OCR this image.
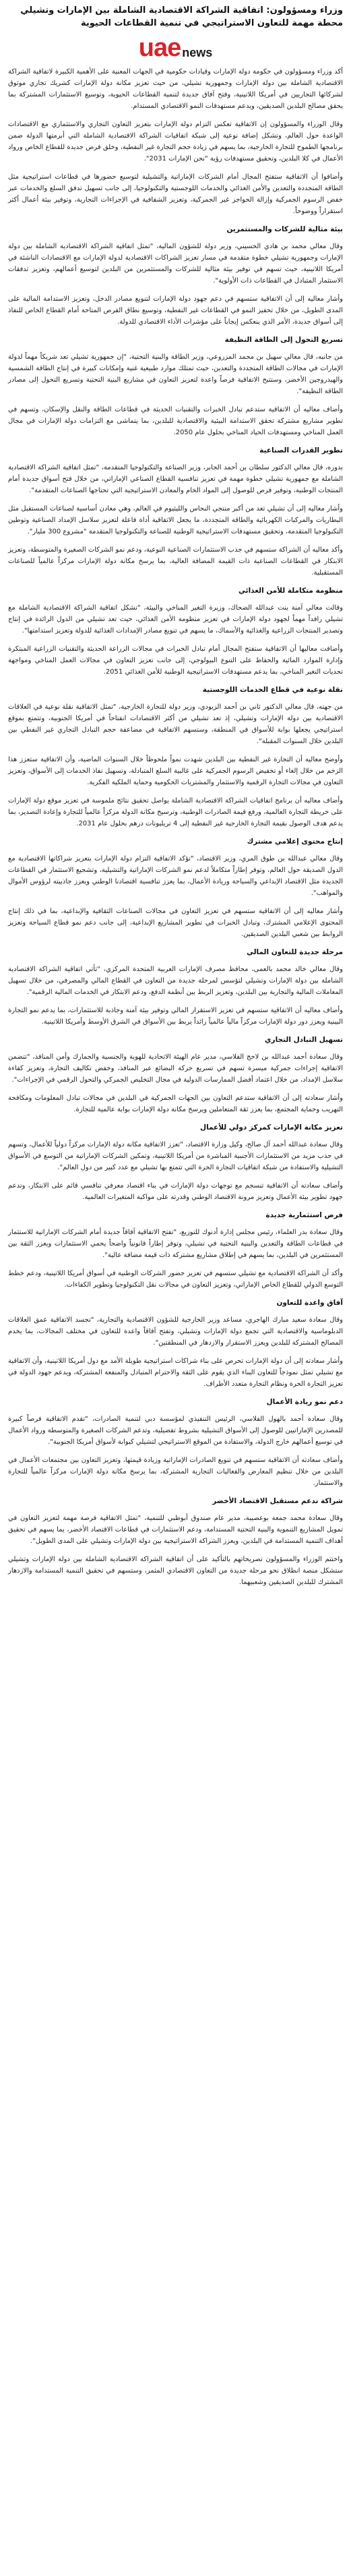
وزراء ومسؤولون: اتفاقية الشراكة الاقتصادية الشاملة بين الإمارات وتشيلي محطة مهمة للتعاون الاستراتيجي في تنمية القطاعات الحيوية
uae news

أكد وزراء ومسؤولون في حكومة دولة الإمارات وقيادات حكومية في الجهات المعنية على الأهمية الكبيرة لاتفاقية الشراكة الاقتصادية الشاملة بين دولة الإمارات وجمهورية تشيلي، من حيث تعزيز مكانة دولة الإمارات كشريك تجاري موثوق لشركائها التجاريين في أمريكا اللاتينية، وفتح آفاق جديدة لتنمية القطاعات الحيوية، وتوسيع الاستثمارات المشتركة بما يحقق مصالح البلدين الصديقين، ويدعم مستهدفات النمو الاقتصادي المستدام.

وقال الوزراء والمسؤولون إن الاتفاقية تعكس التزام دولة الإمارات بتعزيز التعاون التجاري والاستثماري مع الاقتصادات الواعدة حول العالم، وتشكل إضافة نوعية إلى شبكة اتفاقيات الشراكة الاقتصادية الشاملة التي أبرمتها الدولة ضمن برنامجها الطموح للتجارة الخارجية، بما يسهم في زيادة حجم التجارة غير النفطية، وخلق فرص جديدة للقطاع الخاص ورواد الأعمال في كلا البلدين، وتحقيق مستهدفات رؤية "نحن الإمارات 2031".

وأضافوا أن الاتفاقية ستفتح المجال أمام الشركات الإماراتية والتشيلية لتوسيع حضورها في قطاعات استراتيجية مثل الطاقة المتجددة والتعدين والأمن الغذائي والخدمات اللوجستية والتكنولوجيا، إلى جانب تسهيل تدفق السلع والخدمات عبر خفض الرسوم الجمركية وإزالة الحواجز غير الجمركية، وتعزيز الشفافية في الإجراءات التجارية، وتوفير بيئة أعمال أكثر استقراراً ووضوحاً.

بيئة مثالية للشركات والمستثمرين

وقال معالي محمد بن هادي الحسيني، وزير دولة للشؤون المالية، "تمثل اتفاقية الشراكة الاقتصادية الشاملة بين دولة الإمارات وجمهورية تشيلي خطوة متقدمة في مسار تعزيز الشراكات الاقتصادية لدولة الإمارات مع الاقتصادات الناشئة في أمريكا اللاتينية، حيث تسهم في توفير بيئة مثالية للشركات والمستثمرين من البلدين لتوسيع أعمالهم، وتعزيز تدفقات الاستثمار المتبادل في القطاعات ذات الأولوية".

وأشار معاليه إلى أن الاتفاقية ستسهم في دعم جهود دولة الإمارات لتنويع مصادر الدخل، وتعزيز الاستدامة المالية على المدى الطويل، من خلال تحفيز النمو في القطاعات غير النفطية، وتوسيع نطاق الفرص المتاحة أمام القطاع الخاص للنفاذ إلى أسواق جديدة، الأمر الذي ينعكس إيجاباً على مؤشرات الأداء الاقتصادي للدولة.

تسريع التحول إلى الطاقة النظيفة

من جانبه، قال معالي سهيل بن محمد المزروعي، وزير الطاقة والبنية التحتية، "إن جمهورية تشيلي تعد شريكاً مهماً لدولة الإمارات في مجالات الطاقة المتجددة والتعدين، حيث تمتلك موارد طبيعية غنية وإمكانات كبيرة في إنتاج الطاقة الشمسية والهيدروجين الأخضر، وستتيح الاتفاقية فرصاً واعدة لتعزيز التعاون في مشاريع البنية التحتية وتسريع التحول إلى مصادر الطاقة النظيفة".

وأضاف معاليه أن الاتفاقية ستدعم تبادل الخبرات والتقنيات الحديثة في قطاعات الطاقة والنقل والإسكان، وتسهم في تطوير مشاريع مشتركة تحقق الاستدامة البيئية والاقتصادية للبلدين، بما يتماشى مع التزامات دولة الإمارات في مجال العمل المناخي ومستهدفات الحياد المناخي بحلول عام 2050.

تطوير القدرات الصناعية

بدوره، قال معالي الدكتور سلطان بن أحمد الجابر، وزير الصناعة والتكنولوجيا المتقدمة، "تمثل اتفاقية الشراكة الاقتصادية الشاملة مع جمهورية تشيلي خطوة مهمة في تعزيز تنافسية القطاع الصناعي الإماراتي، من خلال فتح أسواق جديدة أمام المنتجات الوطنية، وتوفير فرص للوصول إلى المواد الخام والمعادن الاستراتيجية التي تحتاجها الصناعات المتقدمة".

وأشار معاليه إلى أن تشيلي تعد من أكبر منتجي النحاس والليثيوم في العالم، وهي معادن أساسية لصناعات المستقبل مثل البطاريات والمركبات الكهربائية والطاقة المتجددة، ما يجعل الاتفاقية أداة فاعلة لتعزيز سلاسل الإمداد الصناعية وتوطين التكنولوجيا المتقدمة، وتحقيق مستهدفات الاستراتيجية الوطنية للصناعة والتكنولوجيا المتقدمة "مشروع 300 مليار".

وأكد معاليه أن الشراكة ستسهم في جذب الاستثمارات الصناعية النوعية، ودعم نمو الشركات الصغيرة والمتوسطة، وتعزيز الابتكار في القطاعات الصناعية ذات القيمة المضافة العالية، بما يرسخ مكانة دولة الإمارات مركزاً عالمياً للصناعات المستقبلية.

منظومة متكاملة للأمن الغذائي

وقالت معالي آمنة بنت عبدالله الضحاك، وزيرة التغير المناخي والبيئة، "تشكل اتفاقية الشراكة الاقتصادية الشاملة مع تشيلي رافداً مهماً لجهود دولة الإمارات في تعزيز منظومة الأمن الغذائي، حيث تعد تشيلي من الدول الرائدة في إنتاج وتصدير المنتجات الزراعية والغذائية والأسماك، ما يسهم في تنويع مصادر الإمدادات الغذائية للدولة وتعزيز استدامتها".

وأضافت معاليها أن الاتفاقية ستفتح المجال أمام تبادل الخبرات في مجالات الزراعة الحديثة والتقنيات الزراعية المبتكرة وإدارة الموارد المائية والحفاظ على التنوع البيولوجي، إلى جانب تعزيز التعاون في مجالات العمل المناخي ومواجهة تحديات التغير المناخي، بما يدعم مستهدفات الاستراتيجية الوطنية للأمن الغذائي 2051.

نقلة نوعية في قطاع الخدمات اللوجستية

من جهته، قال معالي الدكتور ثاني بن أحمد الزيودي، وزير دولة للتجارة الخارجية، "تمثل الاتفاقية نقلة نوعية في العلاقات الاقتصادية بين دولة الإمارات وتشيلي، إذ تعد تشيلي من أكثر الاقتصادات انفتاحاً في أمريكا الجنوبية، وتتمتع بموقع استراتيجي يجعلها بوابة للأسواق في المنطقة، وستسهم الاتفاقية في مضاعفة حجم التبادل التجاري غير النفطي بين البلدين خلال السنوات المقبلة".

وأوضح معاليه أن التجارة غير النفطية بين البلدين شهدت نمواً ملحوظاً خلال السنوات الماضية، وأن الاتفاقية ستعزز هذا الزخم من خلال إلغاء أو تخفيض الرسوم الجمركية على غالبية السلع المتبادلة، وتسهيل نفاذ الخدمات إلى الأسواق، وتعزيز التعاون في مجالات التجارة الرقمية والاستثمار والمشتريات الحكومية وحماية الملكية الفكرية.

وأضاف معاليه أن برنامج اتفاقيات الشراكة الاقتصادية الشاملة يواصل تحقيق نتائج ملموسة في تعزيز موقع دولة الإمارات على خريطة التجارة العالمية، ورفع قيمة الصادرات الوطنية، وترسيخ مكانة الدولة مركزاً عالمياً للتجارة وإعادة التصدير، بما يدعم هدف الوصول بقيمة التجارة الخارجية غير النفطية إلى 4 تريليونات درهم بحلول عام 2031.

إنتاج محتوى إعلامي مشترك

وقال معالي عبدالله بن طوق المري، وزير الاقتصاد، "تؤكد الاتفاقية التزام دولة الإمارات بتعزيز شراكاتها الاقتصادية مع الدول الصديقة حول العالم، وتوفر إطاراً متكاملاً لدعم نمو الشركات الإماراتية والتشيلية، وتشجيع الاستثمار في القطاعات الجديدة مثل الاقتصاد الإبداعي والسياحة وريادة الأعمال، بما يعزز تنافسية اقتصادنا الوطني ويعزز جاذبيته لرؤوس الأموال والمواهب".

وأشار معاليه إلى أن الاتفاقية ستسهم في تعزيز التعاون في مجالات الصناعات الثقافية والإبداعية، بما في ذلك إنتاج المحتوى الإعلامي المشترك، وتبادل الخبرات في تطوير المشاريع الإبداعية، إلى جانب دعم نمو قطاع السياحة وتعزيز الروابط بين شعبي البلدين الصديقين.

مرحلة جديدة للتعاون المالي

وقال معالي خالد محمد بالعمى، محافظ مصرف الإمارات العربية المتحدة المركزي، "تأتي اتفاقية الشراكة الاقتصادية الشاملة بين دولة الإمارات وتشيلي لتؤسس لمرحلة جديدة من التعاون في القطاع المالي والمصرفي، من خلال تسهيل المعاملات المالية والتجارية بين البلدين، وتعزيز الربط بين أنظمة الدفع، ودعم الابتكار في الخدمات المالية الرقمية".

وأضاف معاليه أن الاتفاقية ستسهم في تعزيز الاستقرار المالي وتوفير بيئة آمنة وجاذبة للاستثمارات، بما يدعم نمو التجارة البينية ويعزز دور دولة الإمارات مركزاً مالياً عالمياً رائداً يربط بين الأسواق في الشرق الأوسط وأمريكا اللاتينية.

تسهيل التبادل التجاري

وقال سعادة أحمد عبدالله بن لاحج الفلاسي، مدير عام الهيئة الاتحادية للهوية والجنسية والجمارك وأمن المنافذ، "تتضمن الاتفاقية إجراءات جمركية ميسرة تسهم في تسريع حركة البضائع عبر المنافذ، وخفض تكاليف التجارة، وتعزيز كفاءة سلاسل الإمداد، من خلال اعتماد أفضل الممارسات الدولية في مجال التخليص الجمركي والتحول الرقمي في الإجراءات".

وأشار سعادته إلى أن الاتفاقية ستدعم التعاون بين الجهات الجمركية في البلدين في مجالات تبادل المعلومات ومكافحة التهريب وحماية المجتمع، بما يعزز ثقة المتعاملين ويرسخ مكانة دولة الإمارات بوابة عالمية للتجارة.

تعزيز مكانة الإمارات كمركز دولي للأعمال

وقال سعادة عبدالله أحمد آل صالح، وكيل وزارة الاقتصاد، "تعزز الاتفاقية مكانة دولة الإمارات مركزاً دولياً للأعمال، وتسهم في جذب مزيد من الاستثمارات الأجنبية المباشرة من أمريكا اللاتينية، وتمكين الشركات الإماراتية من التوسع في الأسواق التشيلية والاستفادة من شبكة اتفاقيات التجارة الحرة التي تتمتع بها تشيلي مع عدد كبير من دول العالم".

وأضاف سعادته أن الاتفاقية تنسجم مع توجهات دولة الإمارات في بناء اقتصاد معرفي تنافسي قائم على الابتكار، وتدعم جهود تطوير بيئة الأعمال وتعزيز مرونة الاقتصاد الوطني وقدرته على مواكبة المتغيرات العالمية.

فرص استثمارية جديدة

وقال سعادة بدر العلماء، رئيس مجلس إدارة أدنوك للتوزيع، "تفتح الاتفاقية آفاقاً جديدة أمام الشركات الإماراتية للاستثمار في قطاعات الطاقة والتعدين والبنية التحتية في تشيلي، وتوفر إطاراً قانونياً واضحاً يحمي الاستثمارات ويعزز الثقة بين المستثمرين في البلدين، بما يسهم في إطلاق مشاريع مشتركة ذات قيمة مضافة عالية".

وأكد أن الشراكة الاقتصادية مع تشيلي ستسهم في تعزيز حضور الشركات الوطنية في أسواق أمريكا اللاتينية، ودعم خطط التوسع الدولي للقطاع الخاص الإماراتي، وتعزيز التعاون في مجالات نقل التكنولوجيا وتطوير الكفاءات.

آفاق واعدة للتعاون

وقال سعادة سعيد مبارك الهاجري، مساعد وزير الخارجية للشؤون الاقتصادية والتجارية، "تجسد الاتفاقية عمق العلاقات الدبلوماسية والاقتصادية التي تجمع دولة الإمارات وتشيلي، وتفتح آفاقاً واعدة للتعاون في مختلف المجالات، بما يخدم المصالح المشتركة للبلدين ويعزز الاستقرار والازدهار في المنطقتين".

وأشار سعادته إلى أن دولة الإمارات تحرص على بناء شراكات استراتيجية طويلة الأمد مع دول أمريكا اللاتينية، وأن الاتفاقية مع تشيلي تمثل نموذجاً للتعاون البناء الذي يقوم على الثقة والاحترام المتبادل والمنفعة المشتركة، ويدعم جهود الدولة في تعزيز التجارة الحرة ونظام التجارة متعدد الأطراف.

دعم نمو ريادة الأعمال

وقال سعادة أحمد بالهول الفلاسي، الرئيس التنفيذي لمؤسسة دبي لتنمية الصادرات، "تقدم الاتفاقية فرصاً كبيرة للمصدرين الإماراتيين للوصول إلى الأسواق التشيلية بشروط تفضيلية، وتدعم الشركات الصغيرة والمتوسطة ورواد الأعمال في توسيع أعمالهم خارج الدولة، والاستفادة من الموقع الاستراتيجي لتشيلي كبوابة لأسواق أمريكا الجنوبية".

وأضاف سعادته أن الاتفاقية ستسهم في تنويع الصادرات الإماراتية وزيادة قيمتها، وتعزيز التعاون بين مجتمعات الأعمال في البلدين من خلال تنظيم المعارض والفعاليات التجارية المشتركة، بما يرسخ مكانة دولة الإمارات مركزاً عالمياً للتجارة والاستثمار.

شراكة تدعم مستقبل الاقتصاد الأخضر

وقال سعادة محمد جمعة بوعصيبة، مدير عام صندوق أبوظبي للتنمية، "تمثل الاتفاقية فرصة مهمة لتعزيز التعاون في تمويل المشاريع التنموية والبنية التحتية المستدامة، ودعم الاستثمارات في قطاعات الاقتصاد الأخضر، بما يسهم في تحقيق أهداف التنمية المستدامة في البلدين، ويعزز الشراكة الاستراتيجية بين دولة الإمارات وتشيلي على المدى الطويل".

واختتم الوزراء والمسؤولون تصريحاتهم بالتأكيد على أن اتفاقية الشراكة الاقتصادية الشاملة بين دولة الإمارات وتشيلي ستشكل منصة انطلاق نحو مرحلة جديدة من التعاون الاقتصادي المثمر، وستسهم في تحقيق التنمية المستدامة والازدهار المشترك للبلدين الصديقين وشعبيهما.
